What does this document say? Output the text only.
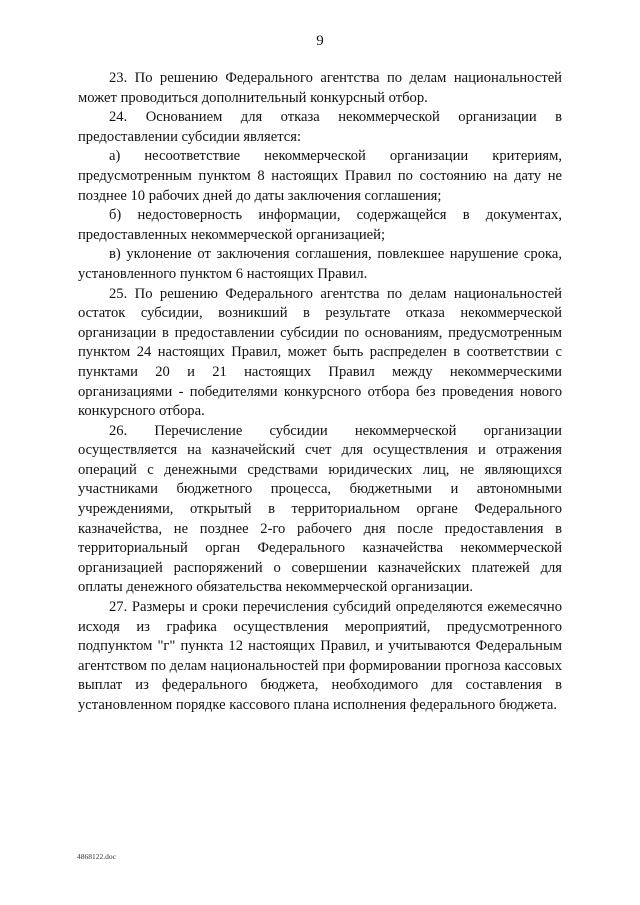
9

23. По решению Федерального агентства по делам национальностей может проводиться дополнительный конкурсный отбор.

24. Основанием для отказа некоммерческой организации в предоставлении субсидии является:

а) несоответствие некоммерческой организации критериям, предусмотренным пунктом 8 настоящих Правил по состоянию на дату не позднее 10 рабочих дней до даты заключения соглашения;

б) недостоверность информации, содержащейся в документах, предоставленных некоммерческой организацией;

в) уклонение от заключения соглашения, повлекшее нарушение срока, установленного пунктом 6 настоящих Правил.

25. По решению Федерального агентства по делам национальностей остаток субсидии, возникший в результате отказа некоммерческой организации в предоставлении субсидии по основаниям, предусмотренным пунктом 24 настоящих Правил, может быть распределен в соответствии с пунктами 20 и 21 настоящих Правил между некоммерческими организациями - победителями конкурсного отбора без проведения нового конкурсного отбора.

26. Перечисление субсидии некоммерческой организации осуществляется на казначейский счет для осуществления и отражения операций с денежными средствами юридических лиц, не являющихся участниками бюджетного процесса, бюджетными и автономными учреждениями, открытый в территориальном органе Федерального казначейства, не позднее 2-го рабочего дня после предоставления в территориальный орган Федерального казначейства некоммерческой организацией распоряжений о совершении казначейских платежей для оплаты денежного обязательства некоммерческой организации.

27. Размеры и сроки перечисления субсидий определяются ежемесячно исходя из графика осуществления мероприятий, предусмотренного подпунктом "г" пункта 12 настоящих Правил, и учитываются Федеральным агентством по делам национальностей при формировании прогноза кассовых выплат из федерального бюджета, необходимого для составления в установленном порядке кассового плана исполнения федерального бюджета.

4868122.doc
